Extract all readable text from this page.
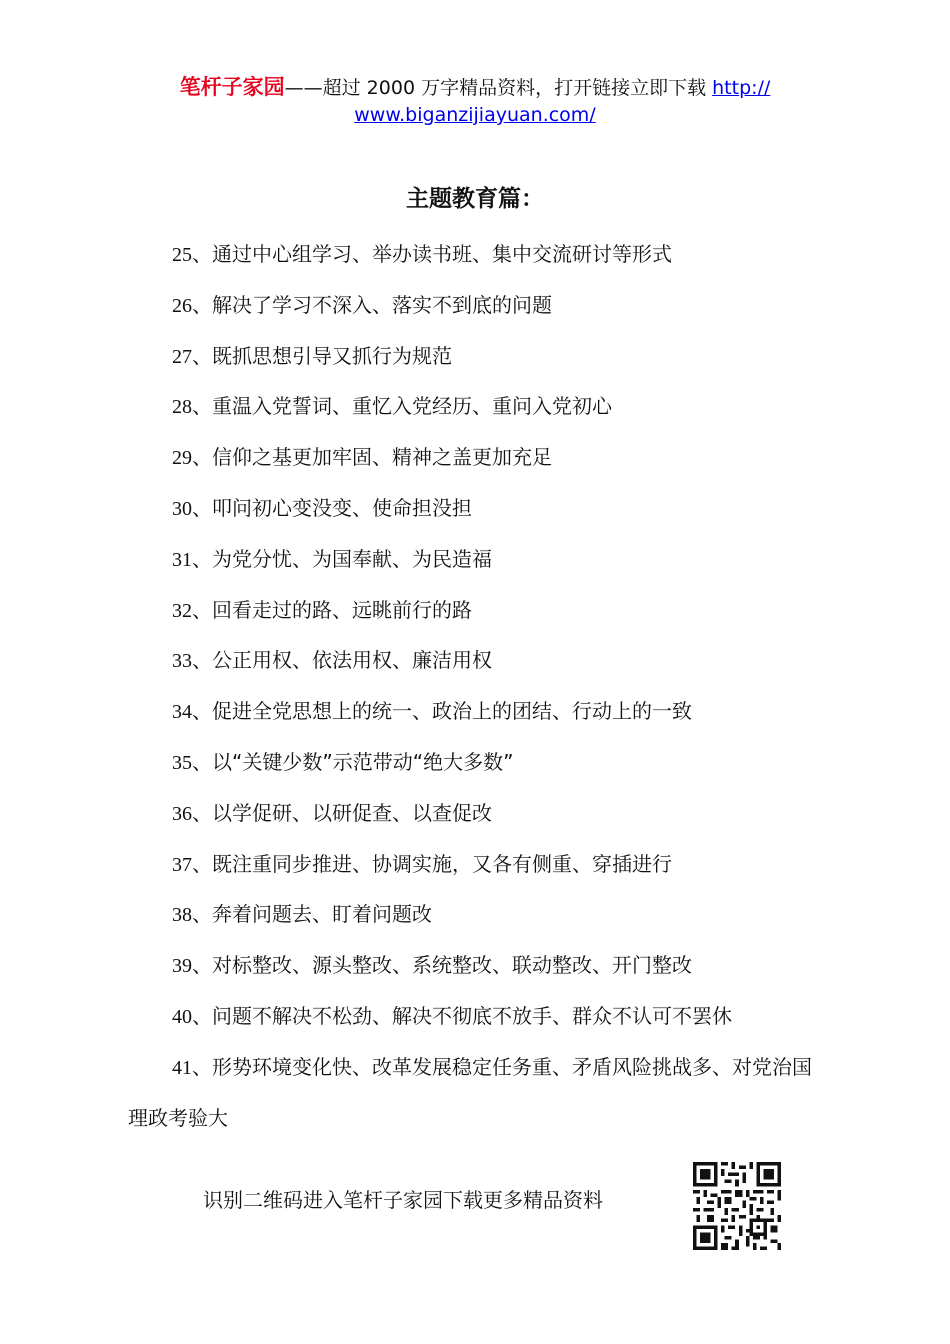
笔杆子家园——超过 2000 万字精品资料，打开链接立即下载 http://
www.biganzijiayuan.com/
主题教育篇：

25、通过中心组学习、举办读书班、集中交流研讨等形式

26、解决了学习不深入、落实不到底的问题

27、既抓思想引导又抓行为规范

28、重温入党誓词、重忆入党经历、重问入党初心

29、信仰之基更加牢固、精神之盖更加充足

30、叩问初心变没变、使命担没担

31、为党分忧、为国奉献、为民造福

32、回看走过的路、远眺前行的路

33、公正用权、依法用权、廉洁用权

34、促进全党思想上的统一、政治上的团结、行动上的一致

35、以“关键少数”示范带动“绝大多数”

36、以学促研、以研促查、以查促改

37、既注重同步推进、协调实施，又各有侧重、穿插进行

38、奔着问题去、盯着问题改

39、对标整改、源头整改、系统整改、联动整改、开门整改

40、问题不解决不松劲、解决不彻底不放手、群众不认可不罢休

41、形势环境变化快、改革发展稳定任务重、矛盾风险挑战多、对党治国理政考验大

识别二维码进入笔杆子家园下载更多精品资料
